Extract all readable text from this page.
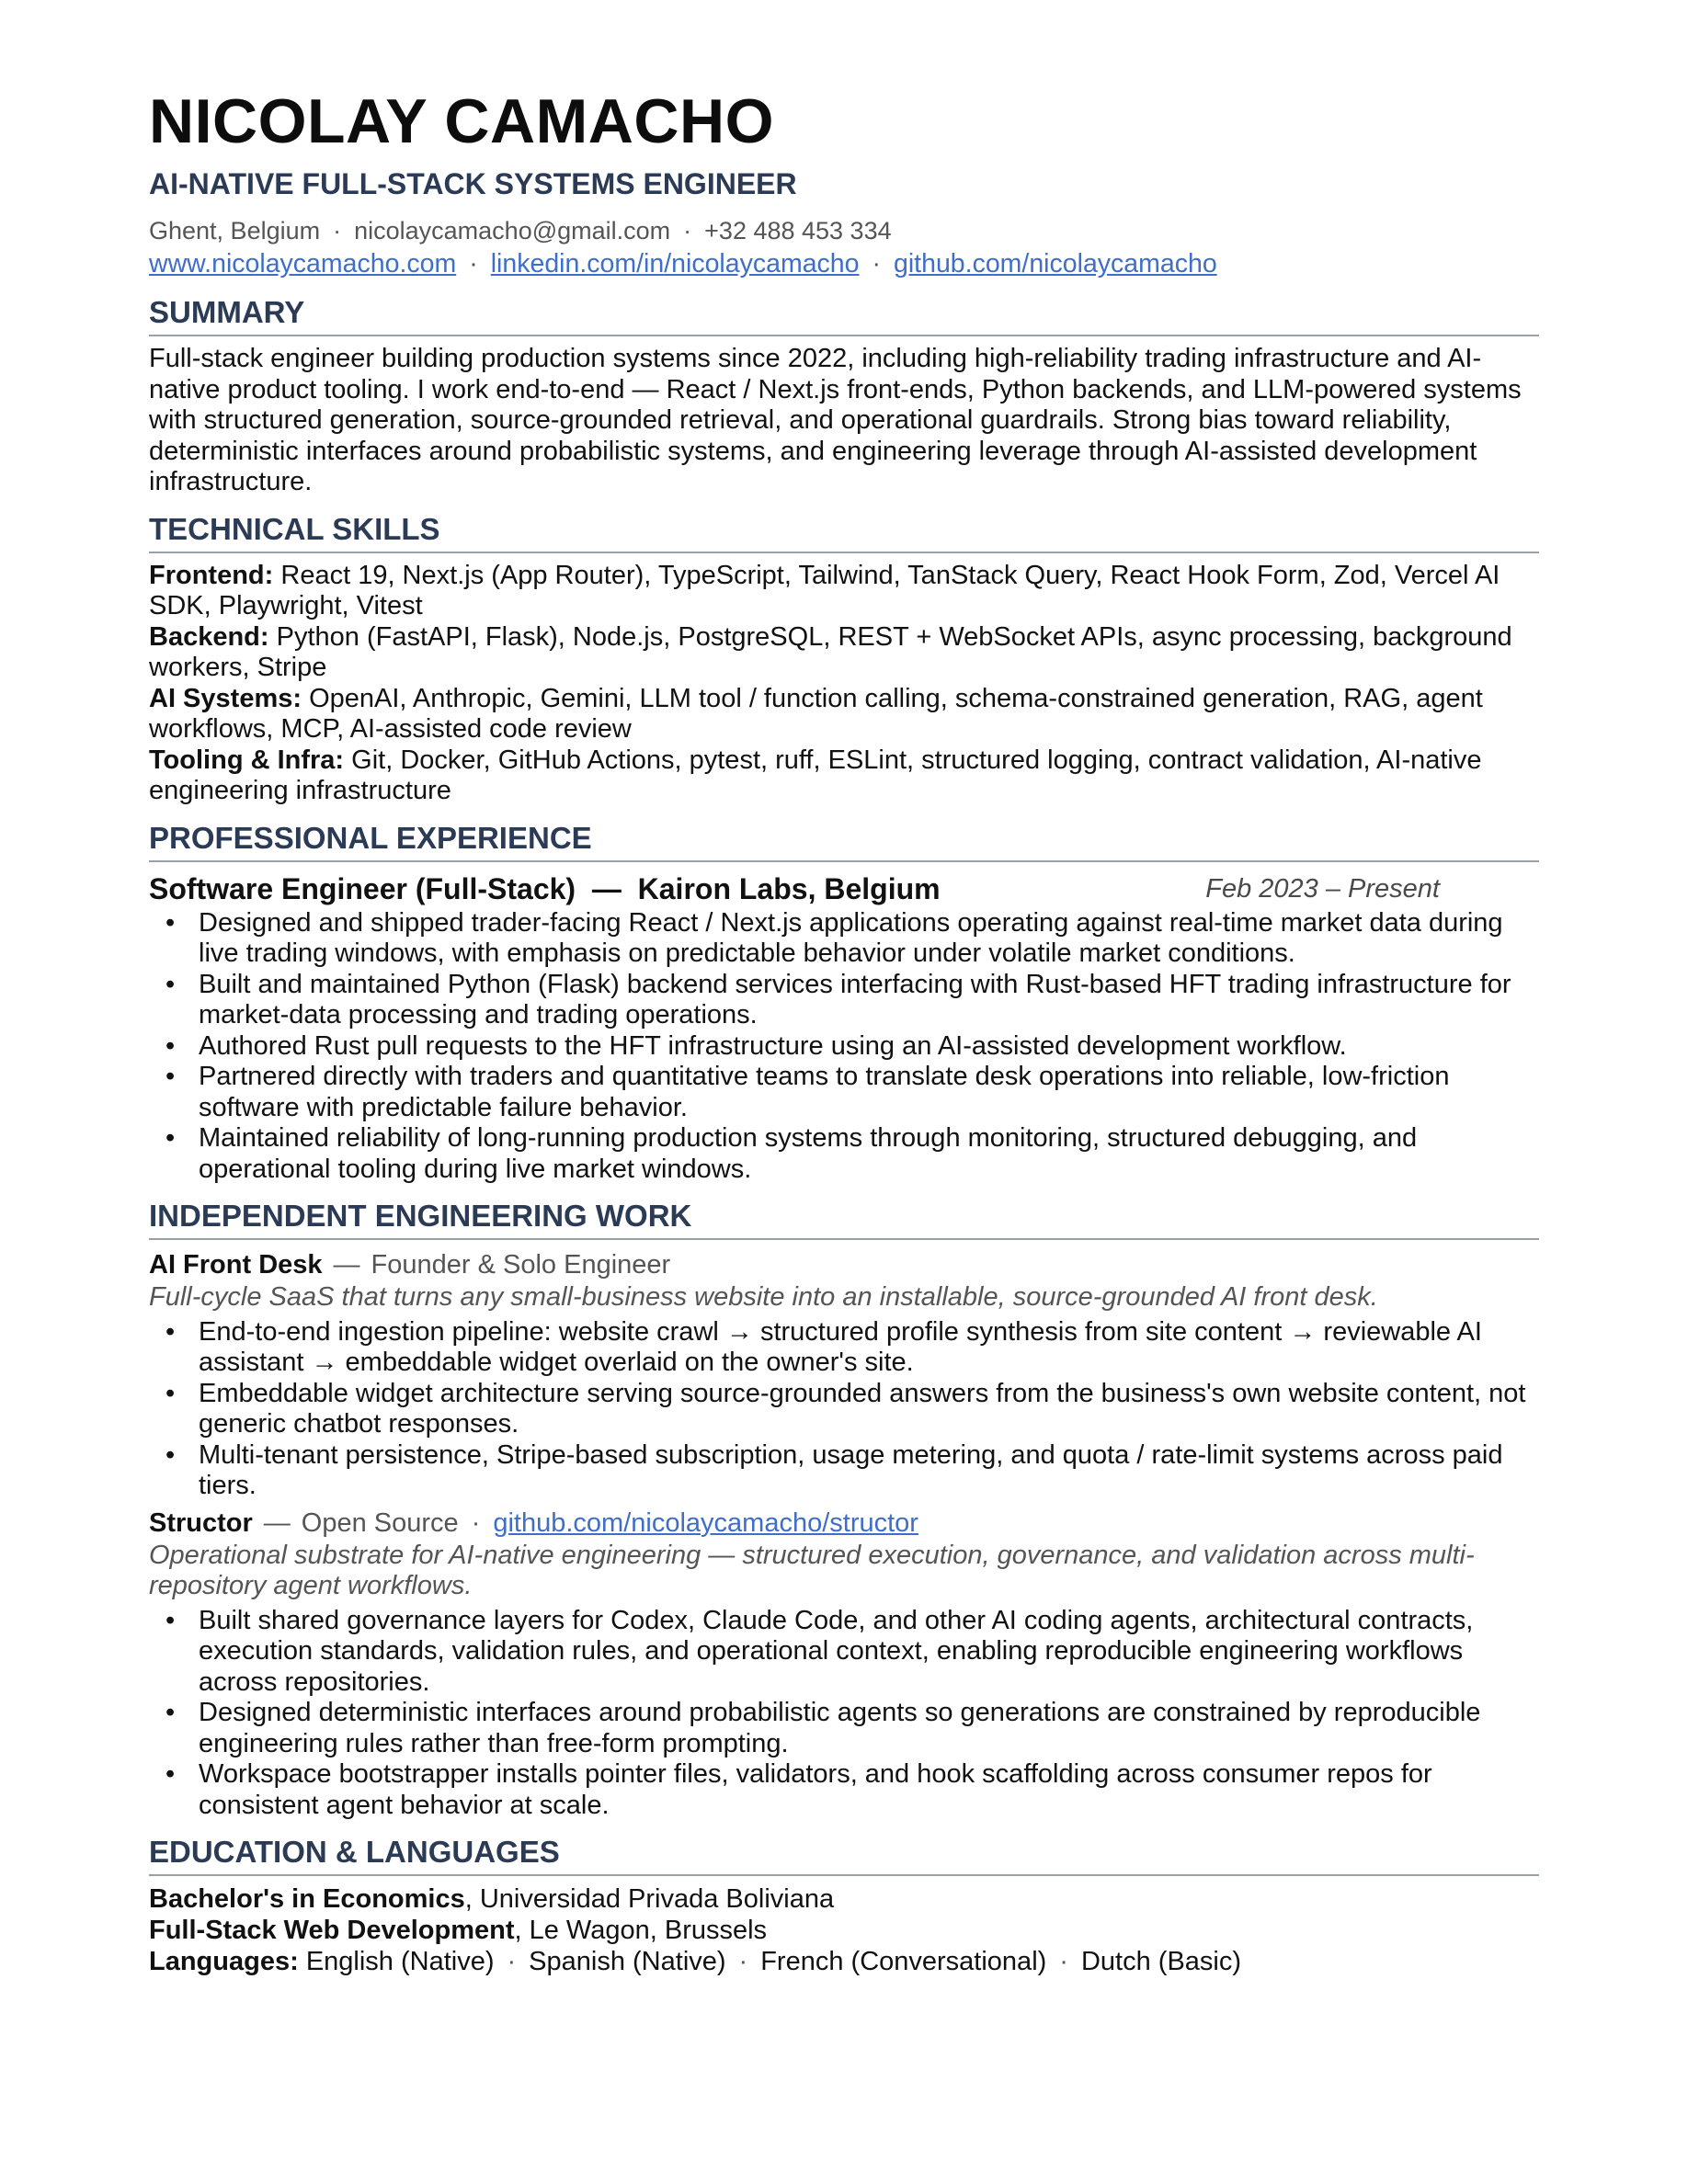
NICOLAY CAMACHO
AI-NATIVE FULL-STACK SYSTEMS ENGINEER
Ghent, Belgium · nicolaycamacho@gmail.com · +32 488 453 334
www.nicolaycamacho.com · linkedin.com/in/nicolaycamacho · github.com/nicolaycamacho
SUMMARY
Full-stack engineer building production systems since 2022, including high-reliability trading infrastructure and AI-native product tooling. I work end-to-end — React / Next.js front-ends, Python backends, and LLM-powered systems with structured generation, source-grounded retrieval, and operational guardrails. Strong bias toward reliability, deterministic interfaces around probabilistic systems, and engineering leverage through AI-assisted development infrastructure.
TECHNICAL SKILLS
Frontend: React 19, Next.js (App Router), TypeScript, Tailwind, TanStack Query, React Hook Form, Zod, Vercel AI SDK, Playwright, Vitest
Backend: Python (FastAPI, Flask), Node.js, PostgreSQL, REST + WebSocket APIs, async processing, background workers, Stripe
AI Systems: OpenAI, Anthropic, Gemini, LLM tool / function calling, schema-constrained generation, RAG, agent workflows, MCP, AI-assisted code review
Tooling & Infra: Git, Docker, GitHub Actions, pytest, ruff, ESLint, structured logging, contract validation, AI-native engineering infrastructure
PROFESSIONAL EXPERIENCE
Software Engineer (Full-Stack) — Kairon Labs, Belgium	Feb 2023 – Present
• Designed and shipped trader-facing React / Next.js applications operating against real-time market data during live trading windows, with emphasis on predictable behavior under volatile market conditions.
• Built and maintained Python (Flask) backend services interfacing with Rust-based HFT trading infrastructure for market-data processing and trading operations.
• Authored Rust pull requests to the HFT infrastructure using an AI-assisted development workflow.
• Partnered directly with traders and quantitative teams to translate desk operations into reliable, low-friction software with predictable failure behavior.
• Maintained reliability of long-running production systems through monitoring, structured debugging, and operational tooling during live market windows.
INDEPENDENT ENGINEERING WORK
AI Front Desk — Founder & Solo Engineer
Full-cycle SaaS that turns any small-business website into an installable, source-grounded AI front desk.
• End-to-end ingestion pipeline: website crawl → structured profile synthesis from site content → reviewable AI assistant → embeddable widget overlaid on the owner's site.
• Embeddable widget architecture serving source-grounded answers from the business's own website content, not generic chatbot responses.
• Multi-tenant persistence, Stripe-based subscription, usage metering, and quota / rate-limit systems across paid tiers.
Structor — Open Source · github.com/nicolaycamacho/structor
Operational substrate for AI-native engineering — structured execution, governance, and validation across multi-repository agent workflows.
• Built shared governance layers for Codex, Claude Code, and other AI coding agents, architectural contracts, execution standards, validation rules, and operational context, enabling reproducible engineering workflows across repositories.
• Designed deterministic interfaces around probabilistic agents so generations are constrained by reproducible engineering rules rather than free-form prompting.
• Workspace bootstrapper installs pointer files, validators, and hook scaffolding across consumer repos for consistent agent behavior at scale.
EDUCATION & LANGUAGES
Bachelor's in Economics, Universidad Privada Boliviana
Full-Stack Web Development, Le Wagon, Brussels
Languages: English (Native) · Spanish (Native) · French (Conversational) · Dutch (Basic)
